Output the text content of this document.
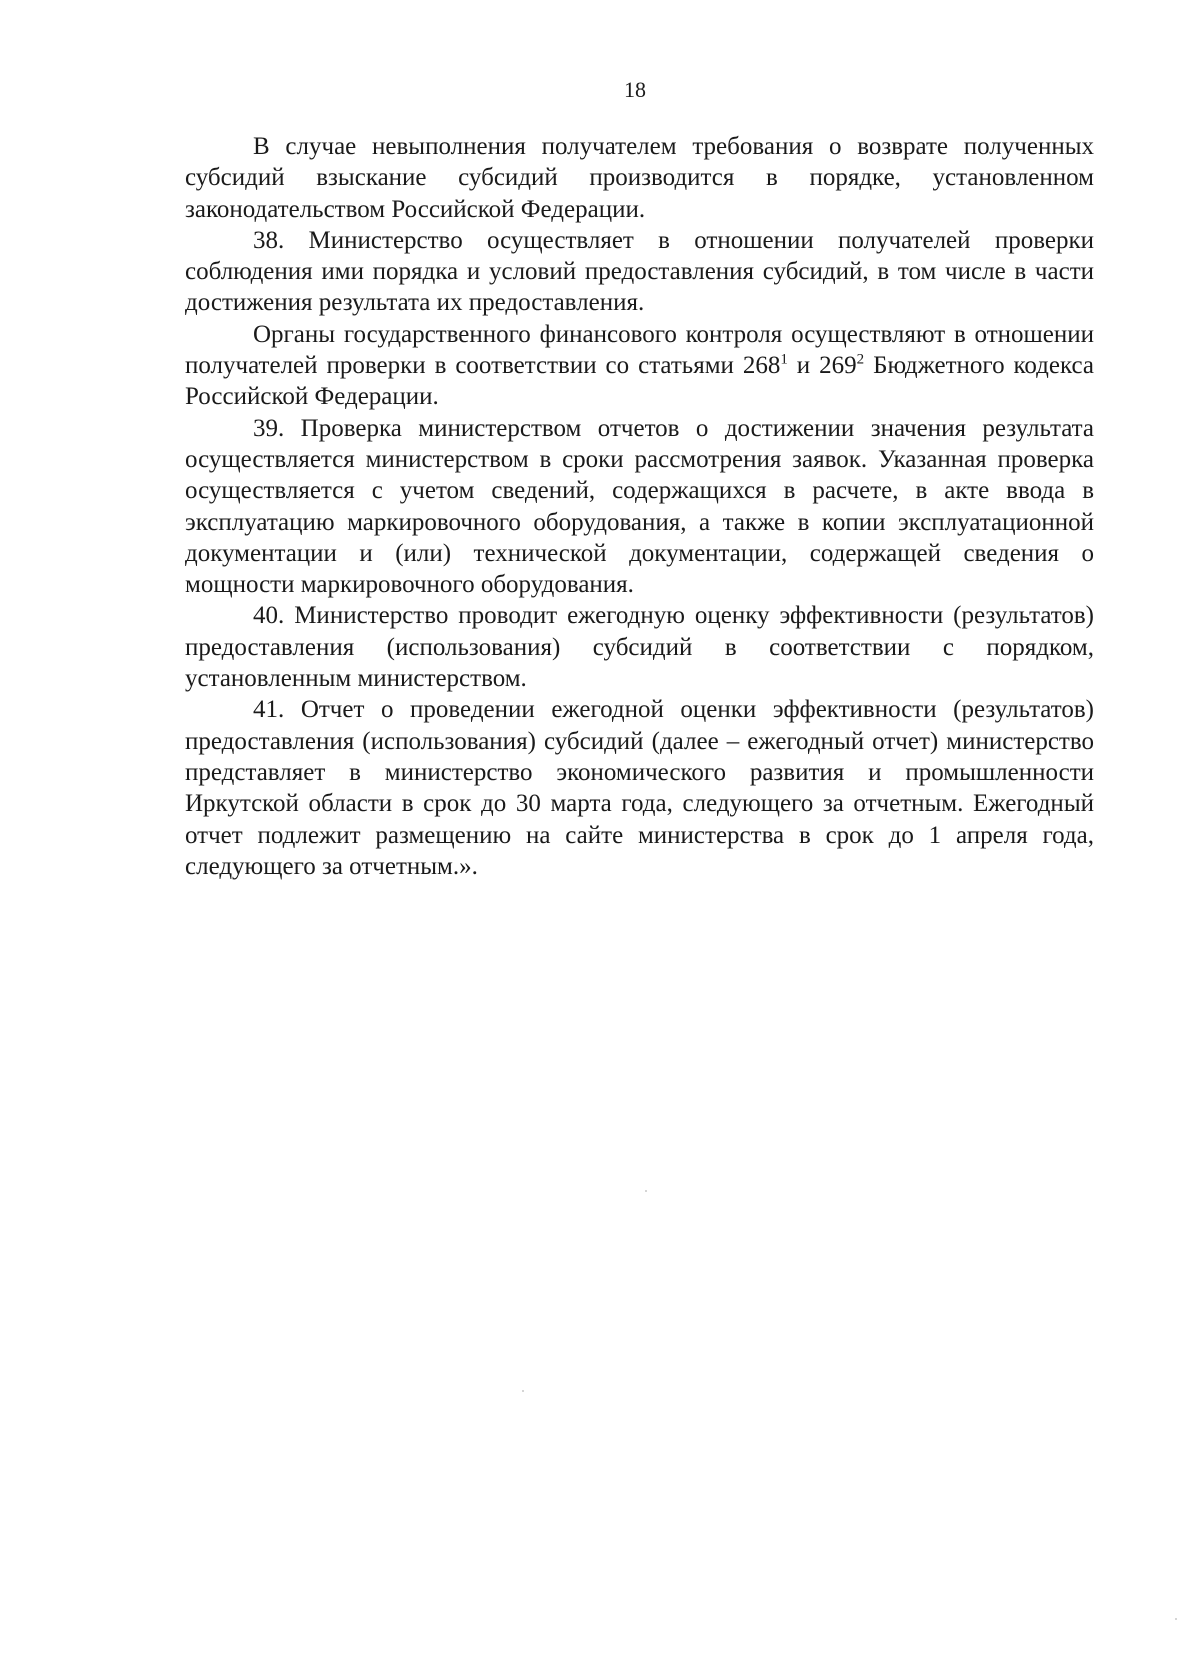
18

В случае невыполнения получателем требования о возврате полученных субсидий взыскание субсидий производится в порядке, установленном законодательством Российской Федерации.

38. Министерство осуществляет в отношении получателей проверки соблюдения ими порядка и условий предоставления субсидий, в том числе в части достижения результата их предоставления.

Органы государственного финансового контроля осуществляют в отношении получателей проверки в соответствии со статьями $268^1$ и $269^2$ Бюджетного кодекса Российской Федерации.

39. Проверка министерством отчетов о достижении значения результата осуществляется министерством в сроки рассмотрения заявок. Указанная проверка осуществляется с учетом сведений, содержащихся в расчете, в акте ввода в эксплуатацию маркировочного оборудования, а также в копии эксплуатационной документации и (или) технической документации, содержащей сведения о мощности маркировочного оборудования.

40. Министерство проводит ежегодную оценку эффективности (результатов) предоставления (использования) субсидий в соответствии с порядком, установленным министерством.

41. Отчет о проведении ежегодной оценки эффективности (результатов) предоставления (использования) субсидий (далее – ежегодный отчет) министерство представляет в министерство экономического развития и промышленности Иркутской области в срок до 30 марта года, следующего за отчетным. Ежегодный отчет подлежит размещению на сайте министерства в срок до 1 апреля года, следующего за отчетным.».
